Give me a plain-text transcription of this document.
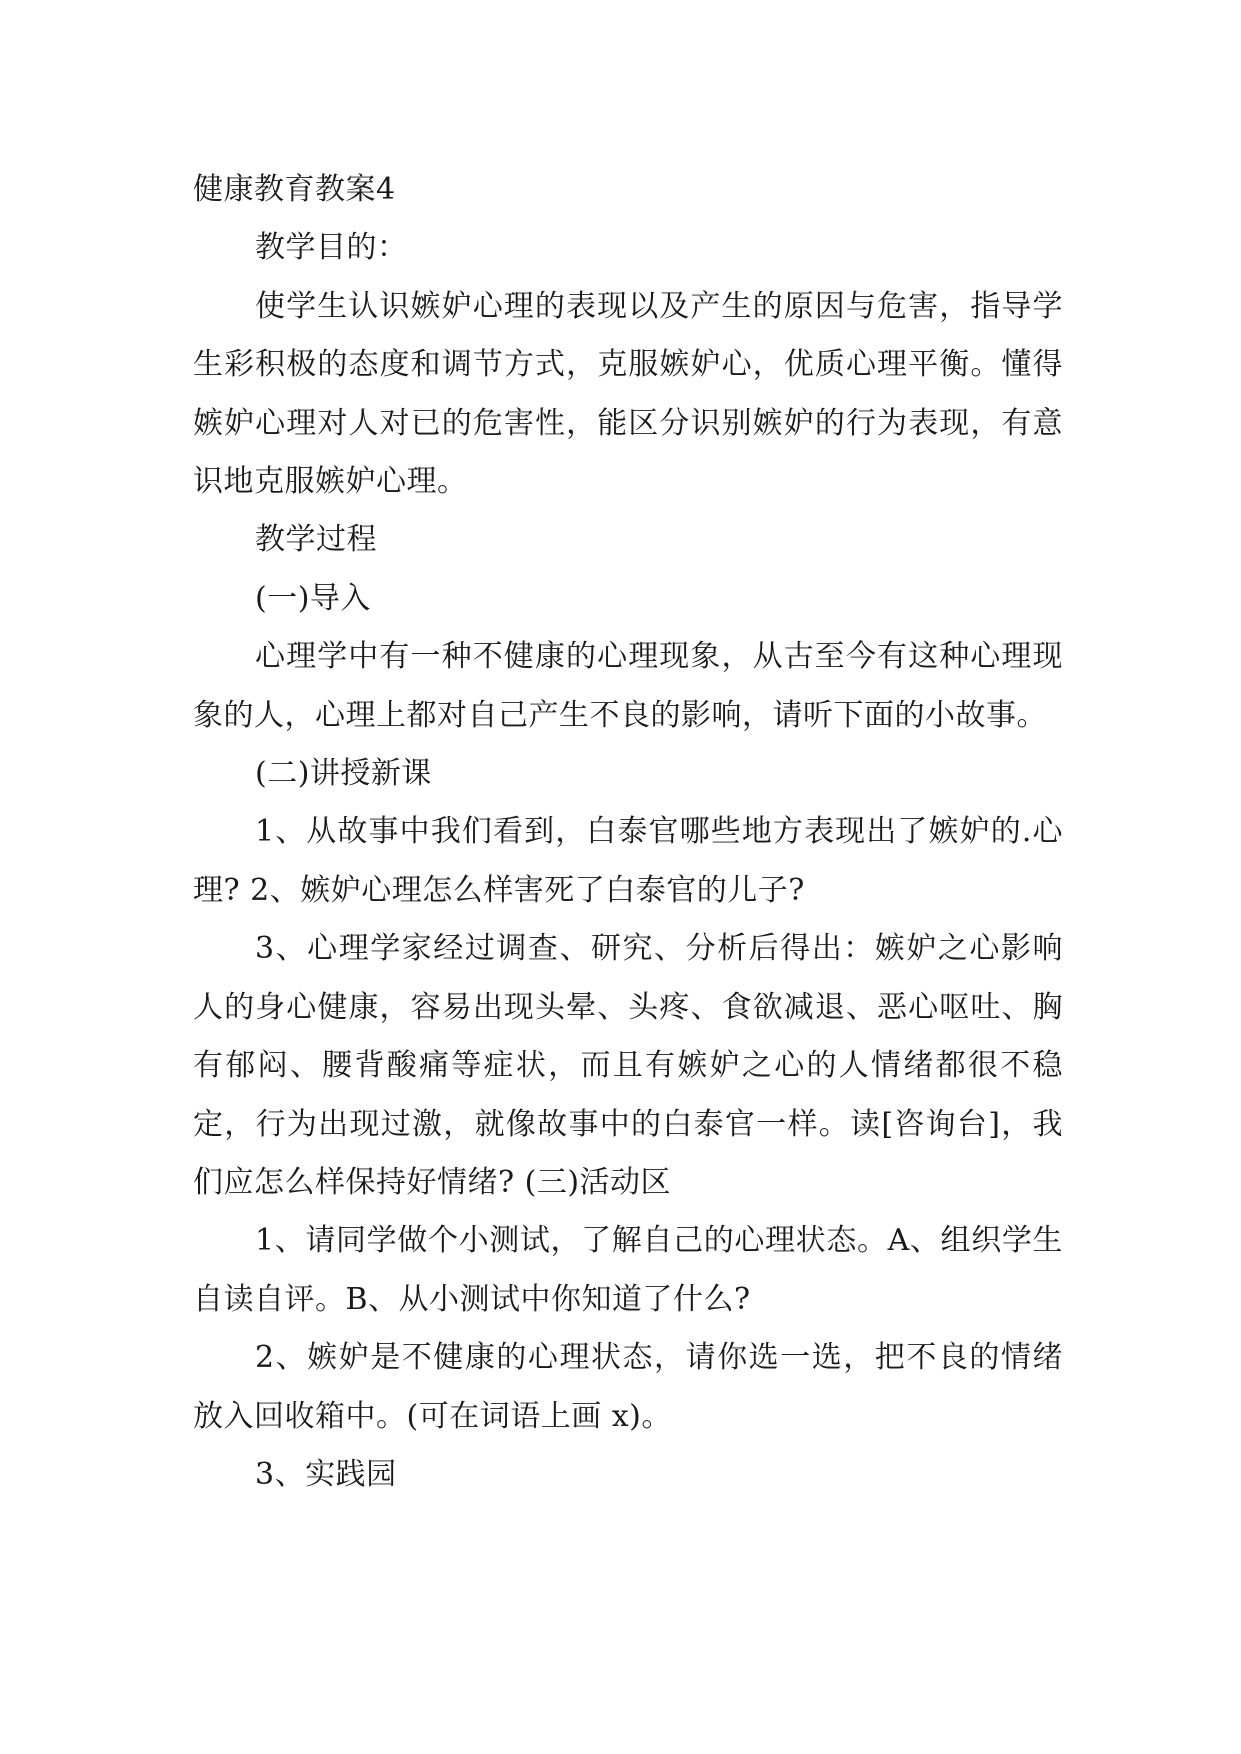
健康教育教案4

教学目的：

使学生认识嫉妒心理的表现以及产生的原因与危害，指导学生彩积极的态度和调节方式，克服嫉妒心，优质心理平衡。懂得嫉妒心理对人对已的危害性，能区分识别嫉妒的行为表现，有意识地克服嫉妒心理。

教学过程

(一)导入

心理学中有一种不健康的心理现象，从古至今有这种心理现象的人，心理上都对自己产生不良的影响，请听下面的小故事。

(二)讲授新课

1、从故事中我们看到，白泰官哪些地方表现出了嫉妒的.心理? 2、嫉妒心理怎么样害死了白泰官的儿子?

3、心理学家经过调查、研究、分析后得出：嫉妒之心影响人的身心健康，容易出现头晕、头疼、食欲减退、恶心呕吐、胸有郁闷、腰背酸痛等症状，而且有嫉妒之心的人情绪都很不稳定，行为出现过激，就像故事中的白泰官一样。读[咨询台]，我们应怎么样保持好情绪? (三)活动区

1、请同学做个小测试，了解自己的心理状态。A、组织学生自读自评。B、从小测试中你知道了什么?

2、嫉妒是不健康的心理状态，请你选一选，把不良的情绪放入回收箱中。(可在词语上画 x)。

3、实践园
